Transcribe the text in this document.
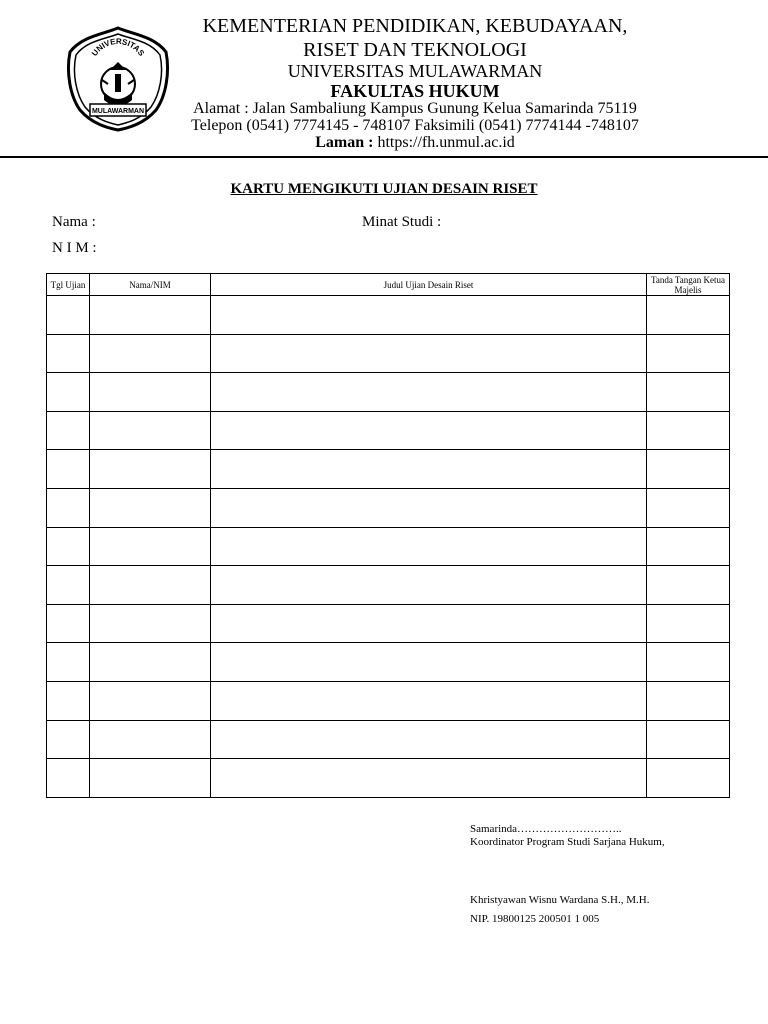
UNIVERSITAS
MULAWARMAN
KEMENTERIAN PENDIDIKAN, KEBUDAYAAN,
RISET DAN TEKNOLOGI
UNIVERSITAS MULAWARMAN
FAKULTAS HUKUM
Alamat : Jalan Sambaliung Kampus Gunung Kelua Samarinda 75119
Telepon (0541) 7774145 - 748107 Faksimili (0541) 7774144 -748107
Laman : https://fh.unmul.ac.id
KARTU MENGIKUTI UJIAN DESAIN RISET
Nama :	Minat Studi :
N I M :
Tgl Ujian	Nama/NIM	Judul Ujian Desain Riset	Tanda Tangan Ketua Majelis

Samarinda………………………..
Koordinator Program Studi Sarjana Hukum,
Khristyawan Wisnu Wardana S.H., M.H.
NIP. 19800125 200501 1 005
